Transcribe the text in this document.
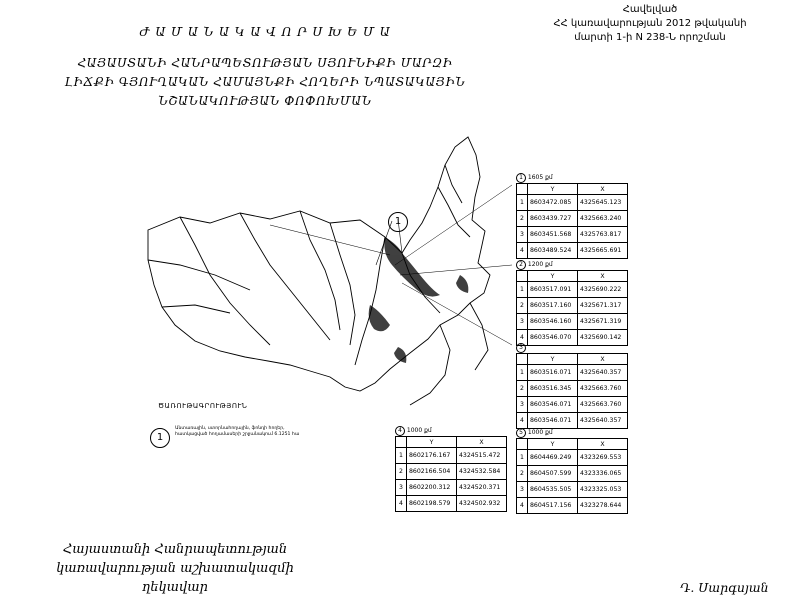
Ժ Ա Մ Ա Ն Ա Կ Ա Վ Ո Ր Ս Խ Ե Մ Ա
ՀԱՅԱՍՏԱՆԻ ՀԱՆՐԱՊԵՏՈՒԹՅԱՆ ՍՅՈՒՆԻՔԻ ՄԱՐԶԻ
ԼԻՃՔԻ ԳՅՈՒՂԱԿԱՆ ՀԱՄԱՅՆՔԻ ՀՈՂԵՐԻ ՆՊԱՏԱԿԱՅԻՆ
ՆՇԱՆԱԿՈՒԹՅԱՆ ՓՈՓՈԽՄԱՆ
Հավելված
ՀՀ կառավարության 2012 թվականի
մարտի 1-ի N 238-Ն որոշման
1
ԾԱՌՈՒԹԱԳՐՈՒԹՅՈՒՆ
1
Անտառային, ստորնահողային, ֆոնդի հողեր, հատկացված հողամասերի շրջանակում 6.1251 հա
1 1605 քմ
	Y	X
1	8603472.085	4325645.123
2	8603439.727	4325663.240
3	8603451.568	4325763.817
4	8603489.524	4325665.691
2 1200 քմ
	Y	X
1	8603517.091	4325690.222
2	8603517.160	4325671.317
3	8603546.160	4325671.319
4	8603546.070	4325690.142
3
	Y	X
1	8603516.071	4325640.357
2	8603516.345	4325663.760
3	8603546.071	4325663.760
4	8603546.071	4325640.357
4 1000 քմ
	Y	X
1	8602176.167	4324515.472
2	8602166.504	4324532.584
3	8602200.312	4324520.371
4	8602198.579	4324502.932
5 1000 քմ
	Y	X
1	8604469.249	4323269.553
2	8604507.599	4323336.065
3	8604535.505	4323325.053
4	8604517.156	4323278.644
Հայաստանի Հանրապետության
կառավարության աշխատակազմի
ղեկավար	Դ. Սարգսյան
